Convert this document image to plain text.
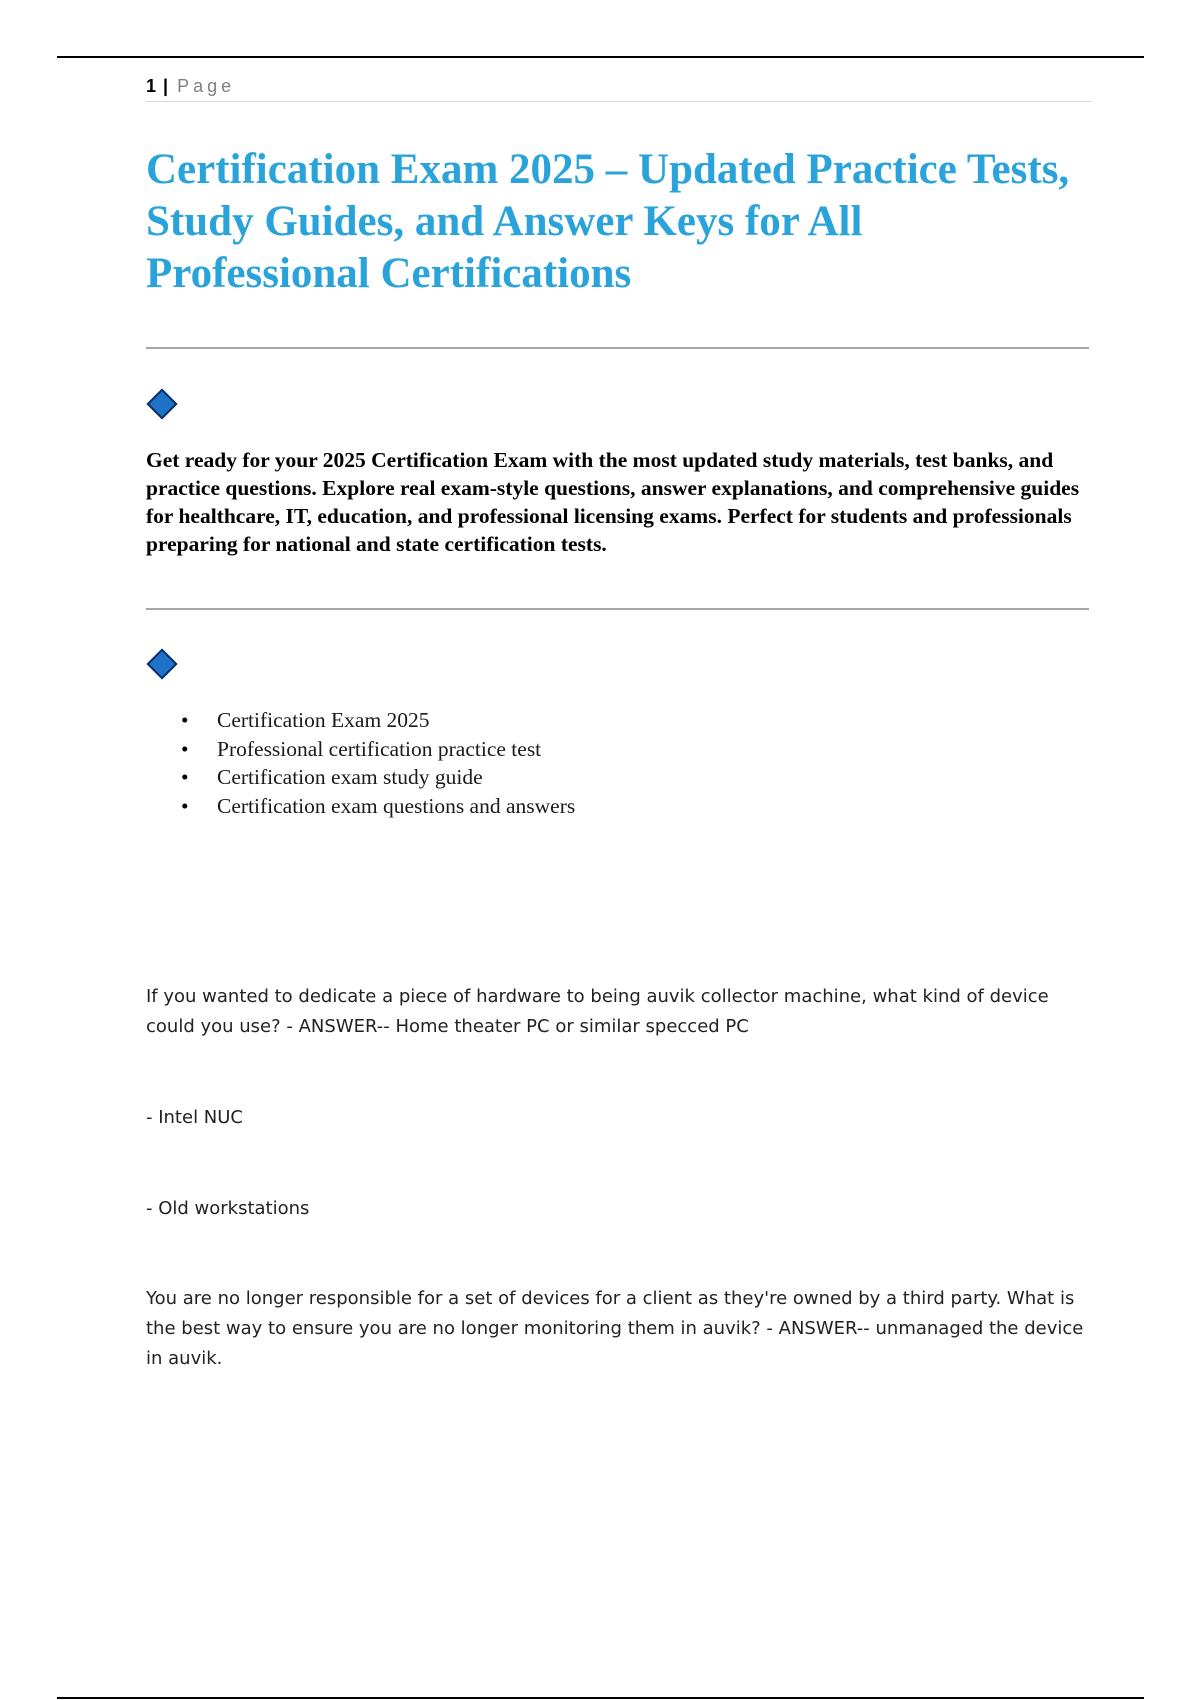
1 | Page
Certification Exam 2025 – Updated Practice Tests, Study Guides, and Answer Keys for All Professional Certifications

Get ready for your 2025 Certification Exam with the most updated study materials, test banks, and practice questions. Explore real exam-style questions, answer explanations, and comprehensive guides for healthcare, IT, education, and professional licensing exams. Perfect for students and professionals preparing for national and state certification tests.

• Certification Exam 2025
• Professional certification practice test
• Certification exam study guide
• Certification exam questions and answers

If you wanted to dedicate a piece of hardware to being auvik collector machine, what kind of device could you use? - ANSWER-- Home theater PC or similar specced PC

- Intel NUC

- Old workstations

You are no longer responsible for a set of devices for a client as they're owned by a third party. What is the best way to ensure you are no longer monitoring them in auvik? - ANSWER-- unmanaged the device in auvik.
